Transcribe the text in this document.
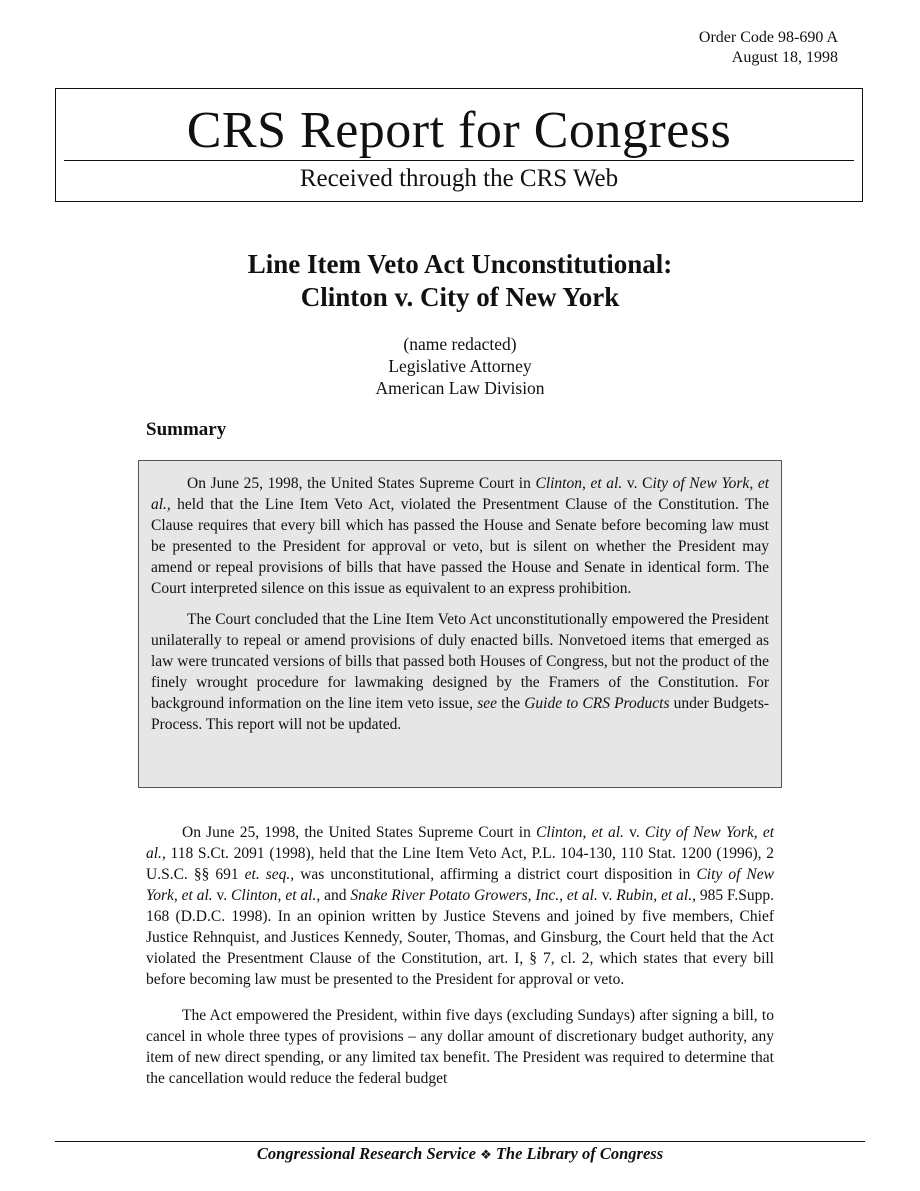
Order Code 98-690 A
August 18, 1998
CRS Report for Congress
Received through the CRS Web
Line Item Veto Act Unconstitutional:
Clinton v. City of New York
(name redacted)
Legislative Attorney
American Law Division
Summary

On June 25, 1998, the United States Supreme Court in Clinton, et al. v. City of New York, et al., held that the Line Item Veto Act, violated the Presentment Clause of the Constitution. The Clause requires that every bill which has passed the House and Senate before becoming law must be presented to the President for approval or veto, but is silent on whether the President may amend or repeal provisions of bills that have passed the House and Senate in identical form. The Court interpreted silence on this issue as equivalent to an express prohibition.

The Court concluded that the Line Item Veto Act unconstitutionally empowered the President unilaterally to repeal or amend provisions of duly enacted bills. Nonvetoed items that emerged as law were truncated versions of bills that passed both Houses of Congress, but not the product of the finely wrought procedure for lawmaking designed by the Framers of the Constitution. For background information on the line item veto issue, see the Guide to CRS Products under Budgets-Process. This report will not be updated.

On June 25, 1998, the United States Supreme Court in Clinton, et al. v. City of New York, et al., 118 S.Ct. 2091 (1998), held that the Line Item Veto Act, P.L. 104-130, 110 Stat. 1200 (1996), 2 U.S.C. §§ 691 et. seq., was unconstitutional, affirming a district court disposition in City of New York, et al. v. Clinton, et al., and Snake River Potato Growers, Inc., et al. v. Rubin, et al., 985 F.Supp. 168 (D.D.C. 1998). In an opinion written by Justice Stevens and joined by five members, Chief Justice Rehnquist, and Justices Kennedy, Souter, Thomas, and Ginsburg, the Court held that the Act violated the Presentment Clause of the Constitution, art. I, § 7, cl. 2, which states that every bill before becoming law must be presented to the President for approval or veto.

The Act empowered the President, within five days (excluding Sundays) after signing a bill, to cancel in whole three types of provisions – any dollar amount of discretionary budget authority, any item of new direct spending, or any limited tax benefit. The President was required to determine that the cancellation would reduce the federal budget

Congressional Research Service ❖ The Library of Congress
